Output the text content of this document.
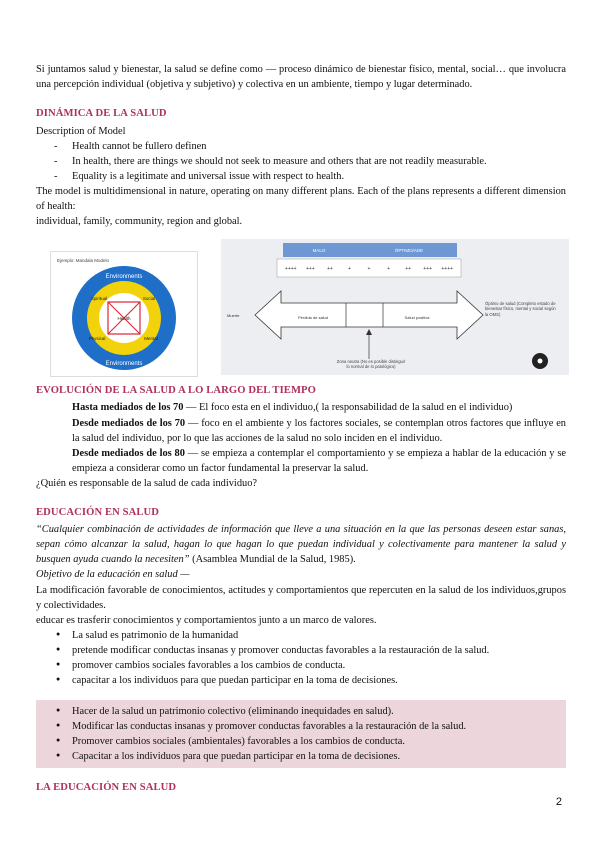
Si juntamos salud y bienestar, la salud se define como — proceso dinámico de bienestar físico, mental, social… que involucra una percepción individual (objetiva y subjetivo) y colectiva en un ambiente, tiempo y lugar determinado.

DINÁMICA DE LA SALUD

Description of Model

- Health cannot be fullero definen
- In health, there are things we should not seek to measure and others that are not readily measurable.
- Equality is a legitimate and universal issue with respect to health.

The model is multidimensional in nature, operating on many different plans. Each of the plans represents a different dimension of health:

individual, family, community, region and global.

Ejemplo: Mandala Modelo
Environments
Environments
Spiritual	Social
Physical	Mental
Health
MALO	ÓPTIMO/ADE
++++ +++ ++	+	+	+	++ +++ ++++
Muerte	Pérdida de salud	Salud positiva
Óptimo de salud (Completo estado de bienestar físico, mental y social según la OMS)
Zona neutra (No es posible distinguir lo normal de lo patológico)
EVOLUCIÓN DE LA SALUD A LO LARGO DEL TIEMPO

Hasta mediados de los 70 — El foco esta en el individuo,( la responsabilidad de la salud en el individuo)

Desde mediados de los 70 — foco en el ambiente y los factores sociales, se contemplan otros factores que influye en la salud del individuo, por lo que las acciones de la salud no solo inciden en el individuo.

Desde mediados de los 80 — se empieza a contemplar el comportamiento y se empieza a hablar de la educación y se empieza a considerar como un factor fundamental la preservar la salud.

¿Quién es responsable de la salud de cada individuo?

EDUCACIÓN EN SALUD

“Cualquier combinación de actividades de información que lleve a una situación en la que las personas deseen estar sanas, sepan cómo alcanzar la salud, hagan lo que hagan lo que puedan individual y colectivamente para mantener la salud y busquen ayuda cuando la necesiten” (Asamblea Mundial de la Salud, 1985).

Objetivo de la educación en salud —

La modificación favorable de conocimientos, actitudes y comportamientos que repercuten en la salud de los individuos,grupos y colectividades.

educar es trasferir conocimientos y comportamientos junto a un marco de valores.

● La salud es patrimonio de la humanidad
● pretende modificar conductas insanas y promover conductas favorables a la restauración de la salud.
● promover cambios sociales favorables a los cambios de conducta.
● capacitar a los individuos para que puedan participar en la toma de decisiones.
● Hacer de la salud un patrimonio colectivo (eliminando inequidades en salud).
● Modificar las conductas insanas y promover conductas favorables a la restauración de la salud.
● Promover cambios sociales (ambientales) favorables a los cambios de conducta.
● Capacitar a los individuos para que puedan participar en la toma de decisiones.
LA EDUCACIÓN EN SALUD
2
